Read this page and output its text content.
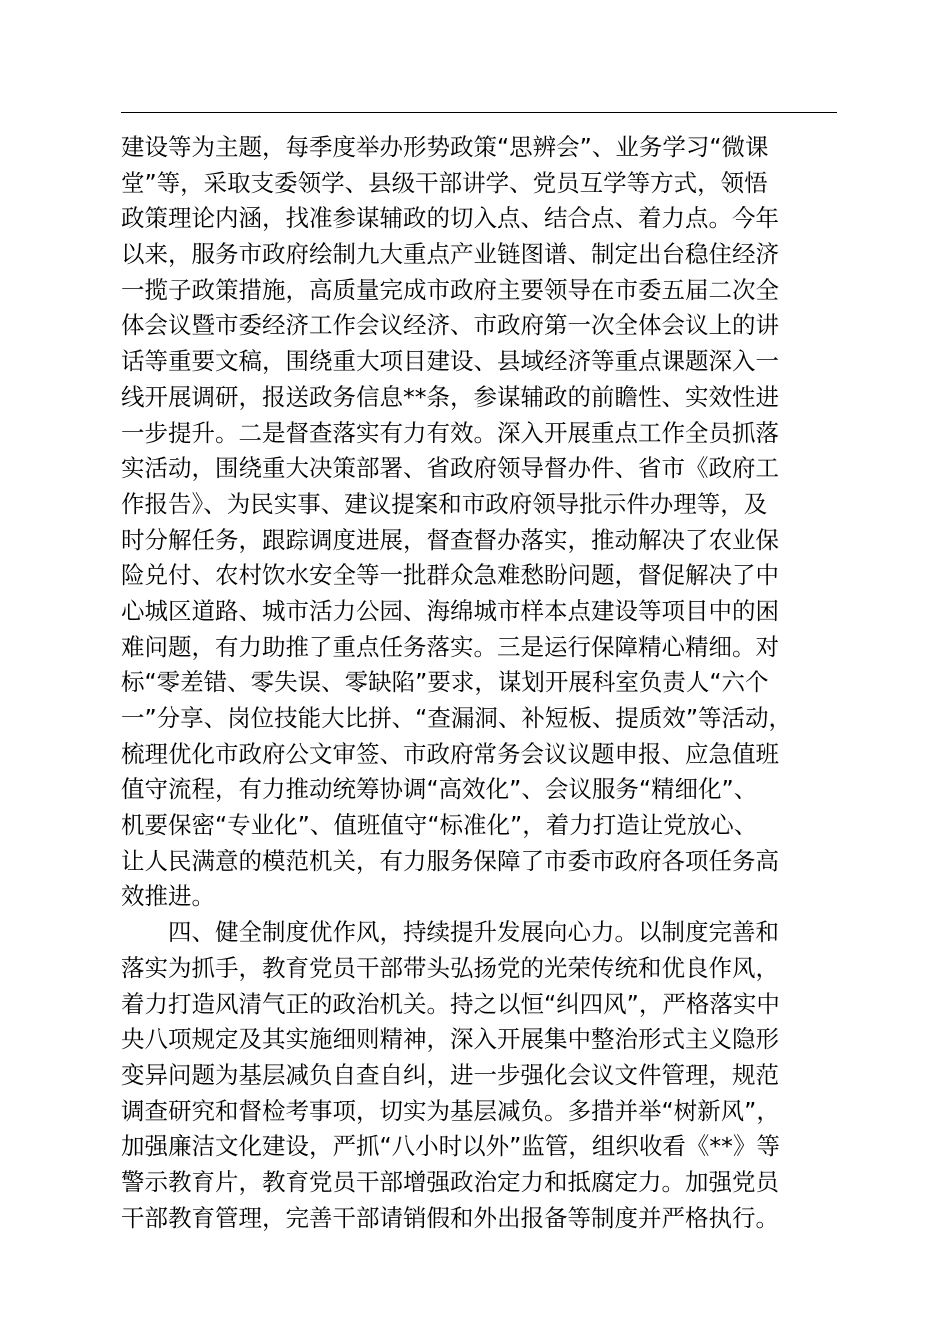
建设等为主题，每季度举办形势政策“思辨会”、业务学习“微课
堂”等，采取支委领学、县级干部讲学、党员互学等方式，领悟
政策理论内涵，找准参谋辅政的切入点、结合点、着力点。今年
以来，服务市政府绘制九大重点产业链图谱、制定出台稳住经济
一揽子政策措施，高质量完成市政府主要领导在市委五届二次全
体会议暨市委经济工作会议经济、市政府第一次全体会议上的讲
话等重要文稿，围绕重大项目建设、县域经济等重点课题深入一
线开展调研，报送政务信息**条，参谋辅政的前瞻性、实效性进
一步提升。二是督查落实有力有效。深入开展重点工作全员抓落
实活动，围绕重大决策部署、省政府领导督办件、省市《政府工
作报告》、为民实事、建议提案和市政府领导批示件办理等，及
时分解任务，跟踪调度进展，督查督办落实，推动解决了农业保
险兑付、农村饮水安全等一批群众急难愁盼问题，督促解决了中
心城区道路、城市活力公园、海绵城市样本点建设等项目中的困
难问题，有力助推了重点任务落实。三是运行保障精心精细。对
标“零差错、零失误、零缺陷”要求，谋划开展科室负责人“六个
一”分享、岗位技能大比拼、“查漏洞、补短板、提质效”等活动，
梳理优化市政府公文审签、市政府常务会议议题申报、应急值班
值守流程，有力推动统筹协调“高效化”、会议服务“精细化”、
机要保密“专业化”、值班值守“标准化”，着力打造让党放心、
让人民满意的模范机关，有力服务保障了市委市政府各项任务高
效推进。
四、健全制度优作风，持续提升发展向心力。以制度完善和
落实为抓手，教育党员干部带头弘扬党的光荣传统和优良作风，
着力打造风清气正的政治机关。持之以恒“纠四风”，严格落实中
央八项规定及其实施细则精神，深入开展集中整治形式主义隐形
变异问题为基层减负自查自纠，进一步强化会议文件管理，规范
调查研究和督检考事项，切实为基层减负。多措并举“树新风”，
加强廉洁文化建设，严抓“八小时以外”监管，组织收看《**》等
警示教育片，教育党员干部增强政治定力和抵腐定力。加强党员
干部教育管理，完善干部请销假和外出报备等制度并严格执行。
